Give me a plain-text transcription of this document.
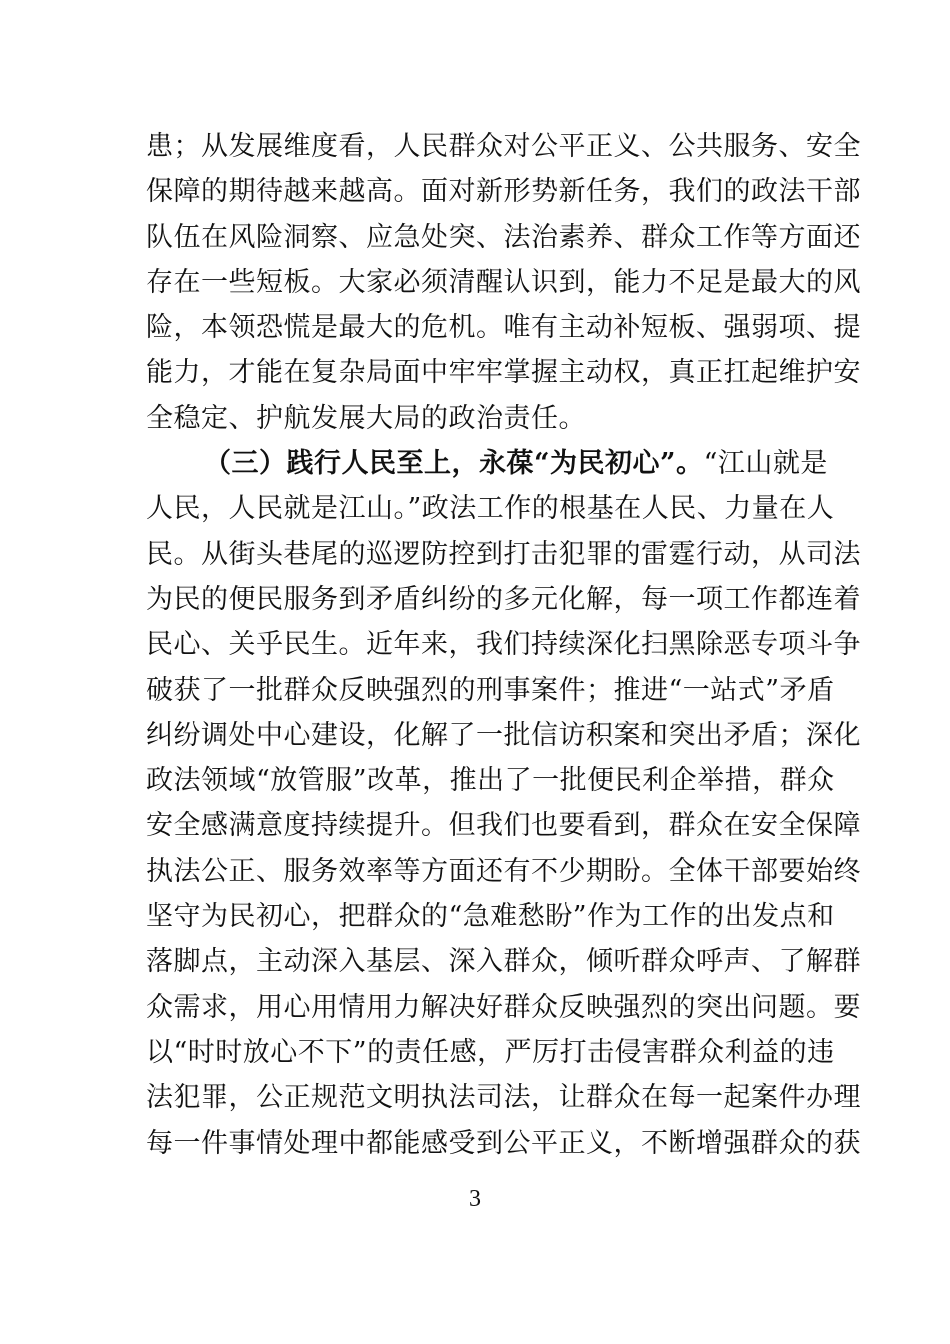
患；从发展维度看，人民群众对公平正义、公共服务、安全
保障的期待越来越高。面对新形势新任务，我们的政法干部
队伍在风险洞察、应急处突、法治素养、群众工作等方面还
存在一些短板。大家必须清醒认识到，能力不足是最大的风
险，本领恐慌是最大的危机。唯有主动补短板、强弱项、提
能力，才能在复杂局面中牢牢掌握主动权，真正扛起维护安
全稳定、护航发展大局的政治责任。
（三）践行人民至上，永葆“为民初心”。“江山就是
人民，人民就是江山。”政法工作的根基在人民、力量在人
民。从街头巷尾的巡逻防控到打击犯罪的雷霆行动，从司法
为民的便民服务到矛盾纠纷的多元化解，每一项工作都连着
民心、关乎民生。近年来，我们持续深化扫黑除恶专项斗争
破获了一批群众反映强烈的刑事案件；推进“一站式”矛盾
纠纷调处中心建设，化解了一批信访积案和突出矛盾；深化
政法领域“放管服”改革，推出了一批便民利企举措，群众
安全感满意度持续提升。但我们也要看到，群众在安全保障
执法公正、服务效率等方面还有不少期盼。全体干部要始终
坚守为民初心，把群众的“急难愁盼”作为工作的出发点和
落脚点，主动深入基层、深入群众，倾听群众呼声、了解群
众需求，用心用情用力解决好群众反映强烈的突出问题。要
以“时时放心不下”的责任感，严厉打击侵害群众利益的违
法犯罪，公正规范文明执法司法，让群众在每一起案件办理
每一件事情处理中都能感受到公平正义，不断增强群众的获
3
